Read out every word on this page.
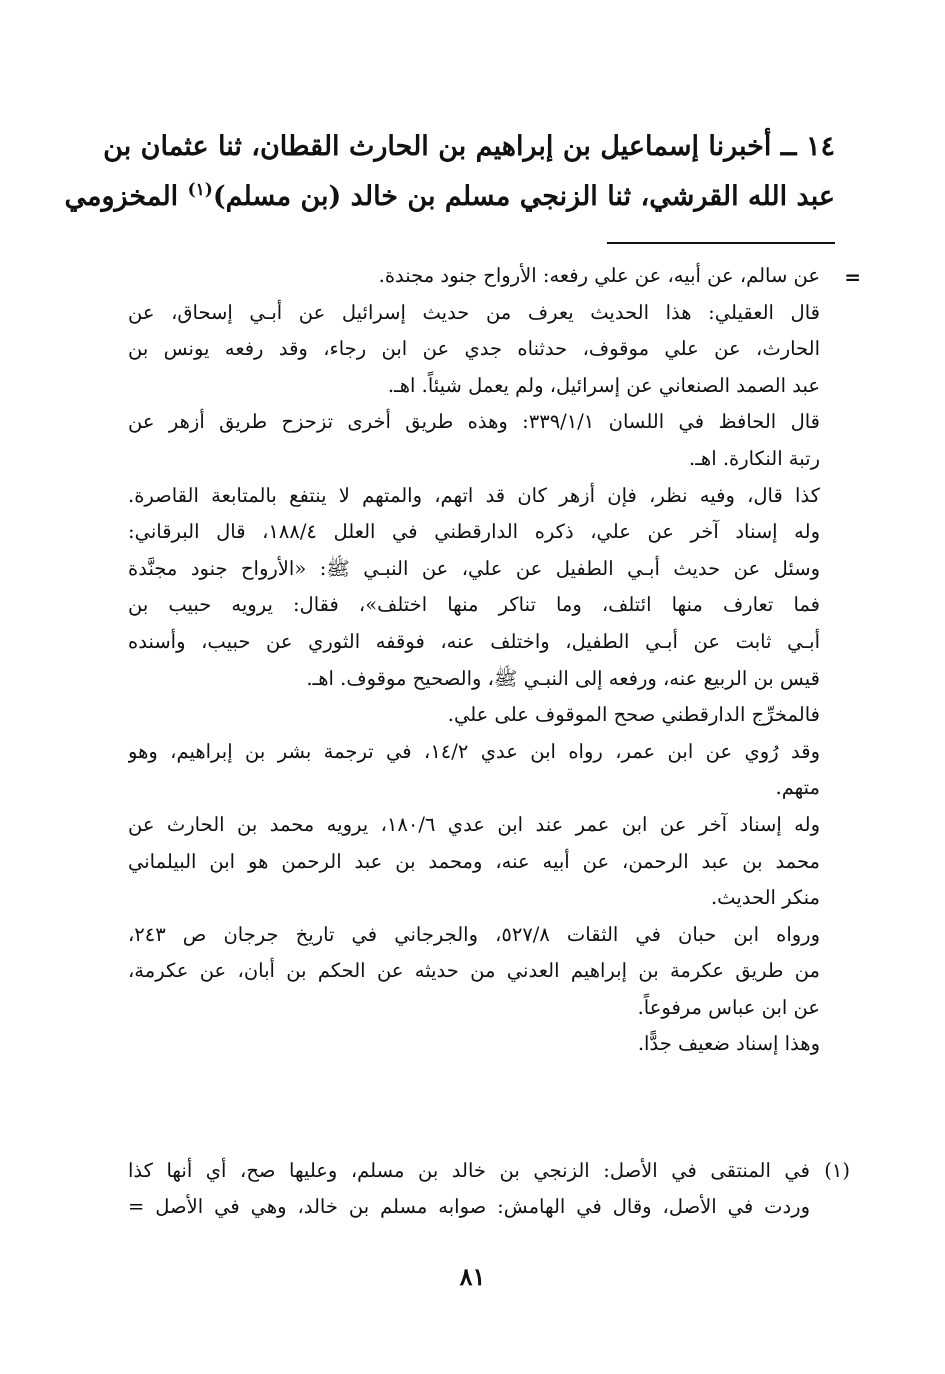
١٤ ــ أخبرنا إسماعيل بن إبراهيم بن الحارث القطان، ثنا عثمان بن
عبد الله القرشي، ثنا الزنجي مسلم بن خالد (بن مسلم)$^{(١)}$ المخزومي
=
عن سالم، عن أبيه، عن علي رفعه: الأرواح جنود مجندة.
قال العقيلي: هذا الحديث يعرف من حديث إسرائيل عن أبـي إسحاق، عن
الحارث، عن علي موقوف، حدثناه جدي عن ابن رجاء، وقد رفعه يونس بن
عبد الصمد الصنعاني عن إسرائيل، ولم يعمل شيئاً. اهـ.
قال الحافظ في اللسان ٣٣٩/١/١: وهذه طريق أخرى تزحزح طريق أزهر عن
رتبة النكارة. اهـ.
كذا قال، وفيه نظر، فإن أزهر كان قد اتهم، والمتهم لا ينتفع بالمتابعة القاصرة.
وله إسناد آخر عن علي، ذكره الدارقطني في العلل ١٨٨/٤، قال البرقاني:
وسئل عن حديث أبـي الطفيل عن علي، عن النبـي ﷺ: «الأرواح جنود مجنَّدة
فما تعارف منها ائتلف، وما تناكر منها اختلف»، فقال: يرويه حبيب بن
أبـي ثابت عن أبـي الطفيل، واختلف عنه، فوقفه الثوري عن حبيب، وأسنده
قيس بن الربيع عنه، ورفعه إلى النبـي ﷺ، والصحيح موقوف. اهـ.
فالمخرِّج الدارقطني صحح الموقوف على علي.
وقد رُوي عن ابن عمر، رواه ابن عدي ١٤/٢، في ترجمة بشر بن إبراهيم، وهو
متهم.
وله إسناد آخر عن ابن عمر عند ابن عدي ١٨٠/٦، يرويه محمد بن الحارث عن
محمد بن عبد الرحمن، عن أبيه عنه، ومحمد بن عبد الرحمن هو ابن البيلماني
منكر الحديث.
ورواه ابن حبان في الثقات ٥٢٧/٨، والجرجاني في تاريخ جرجان ص ٢٤٣،
من طريق عكرمة بن إبراهيم العدني من حديثه عن الحكم بن أبان، عن عكرمة،
عن ابن عباس مرفوعاً.
وهذا إسناد ضعيف جدًّا.
(١)
في المنتقى في الأصل: الزنجي بن خالد بن مسلم، وعليها صح، أي أنها كذا
وردت في الأصل، وقال في الهامش: صوابه مسلم بن خالد، وهي في الأصل =
٨١
